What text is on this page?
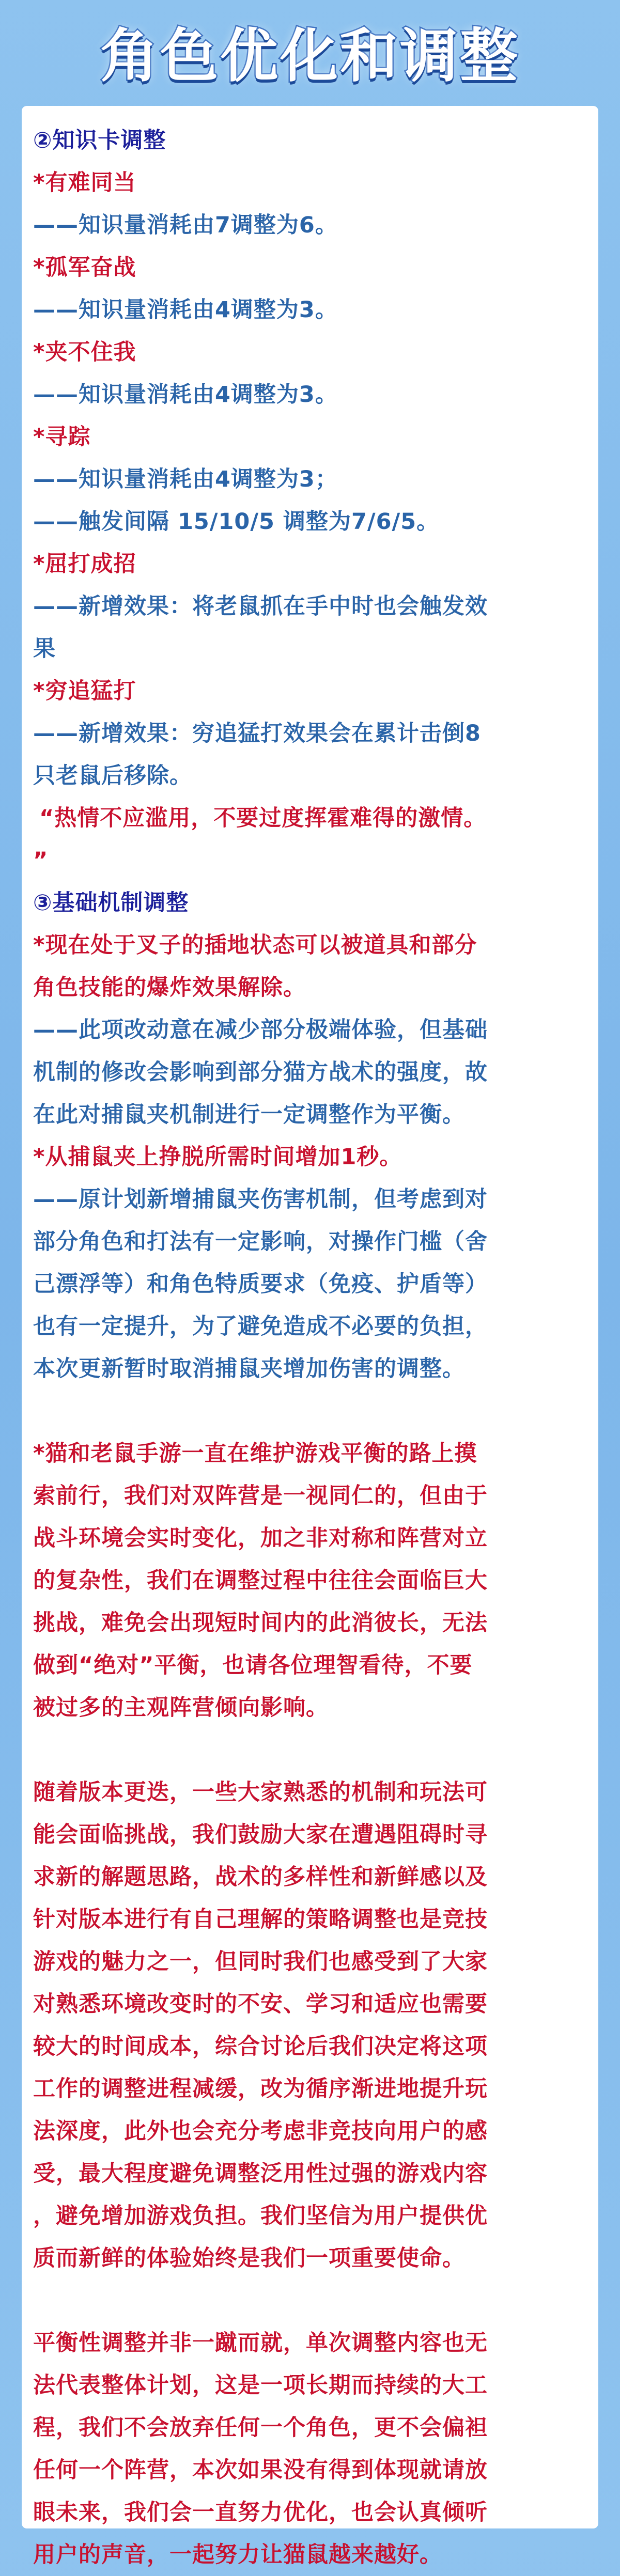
角色优化和调整

②知识卡调整

*有难同当

——知识量消耗由7调整为6。

*孤军奋战

——知识量消耗由4调整为3。

*夹不住我

——知识量消耗由4调整为3。

*寻踪

——知识量消耗由4调整为3；

——触发间隔 15/10/5 调整为7/6/5。

*屈打成招

——新增效果：将老鼠抓在手中时也会触发效

果

*穷追猛打

——新增效果：穷追猛打效果会在累计击倒8

只老鼠后移除。

“热情不应滥用，不要过度挥霍难得的激情。

”

③基础机制调整

*现在处于叉子的插地状态可以被道具和部分

角色技能的爆炸效果解除。

——此项改动意在减少部分极端体验，但基础

机制的修改会影响到部分猫方战术的强度，故

在此对捕鼠夹机制进行一定调整作为平衡。

*从捕鼠夹上挣脱所需时间增加1秒。

——原计划新增捕鼠夹伤害机制，但考虑到对

部分角色和打法有一定影响，对操作门槛（舍

己漂浮等）和角色特质要求（免疫、护盾等）

也有一定提升，为了避免造成不必要的负担，

本次更新暂时取消捕鼠夹增加伤害的调整。

*猫和老鼠手游一直在维护游戏平衡的路上摸

索前行，我们对双阵营是一视同仁的，但由于

战斗环境会实时变化，加之非对称和阵营对立

的复杂性，我们在调整过程中往往会面临巨大

挑战，难免会出现短时间内的此消彼长，无法

做到“绝对”平衡，也请各位理智看待，不要

被过多的主观阵营倾向影响。

随着版本更迭，一些大家熟悉的机制和玩法可

能会面临挑战，我们鼓励大家在遭遇阻碍时寻

求新的解题思路，战术的多样性和新鲜感以及

针对版本进行有自己理解的策略调整也是竞技

游戏的魅力之一，但同时我们也感受到了大家

对熟悉环境改变时的不安、学习和适应也需要

较大的时间成本，综合讨论后我们决定将这项

工作的调整进程减缓，改为循序渐进地提升玩

法深度，此外也会充分考虑非竞技向用户的感

受，最大程度避免调整泛用性过强的游戏内容

，避免增加游戏负担。我们坚信为用户提供优

质而新鲜的体验始终是我们一项重要使命。

平衡性调整并非一蹴而就，单次调整内容也无

法代表整体计划，这是一项长期而持续的大工

程，我们不会放弃任何一个角色，更不会偏袒

任何一个阵营，本次如果没有得到体现就请放

眼未来，我们会一直努力优化，也会认真倾听

用户的声音，一起努力让猫鼠越来越好。
